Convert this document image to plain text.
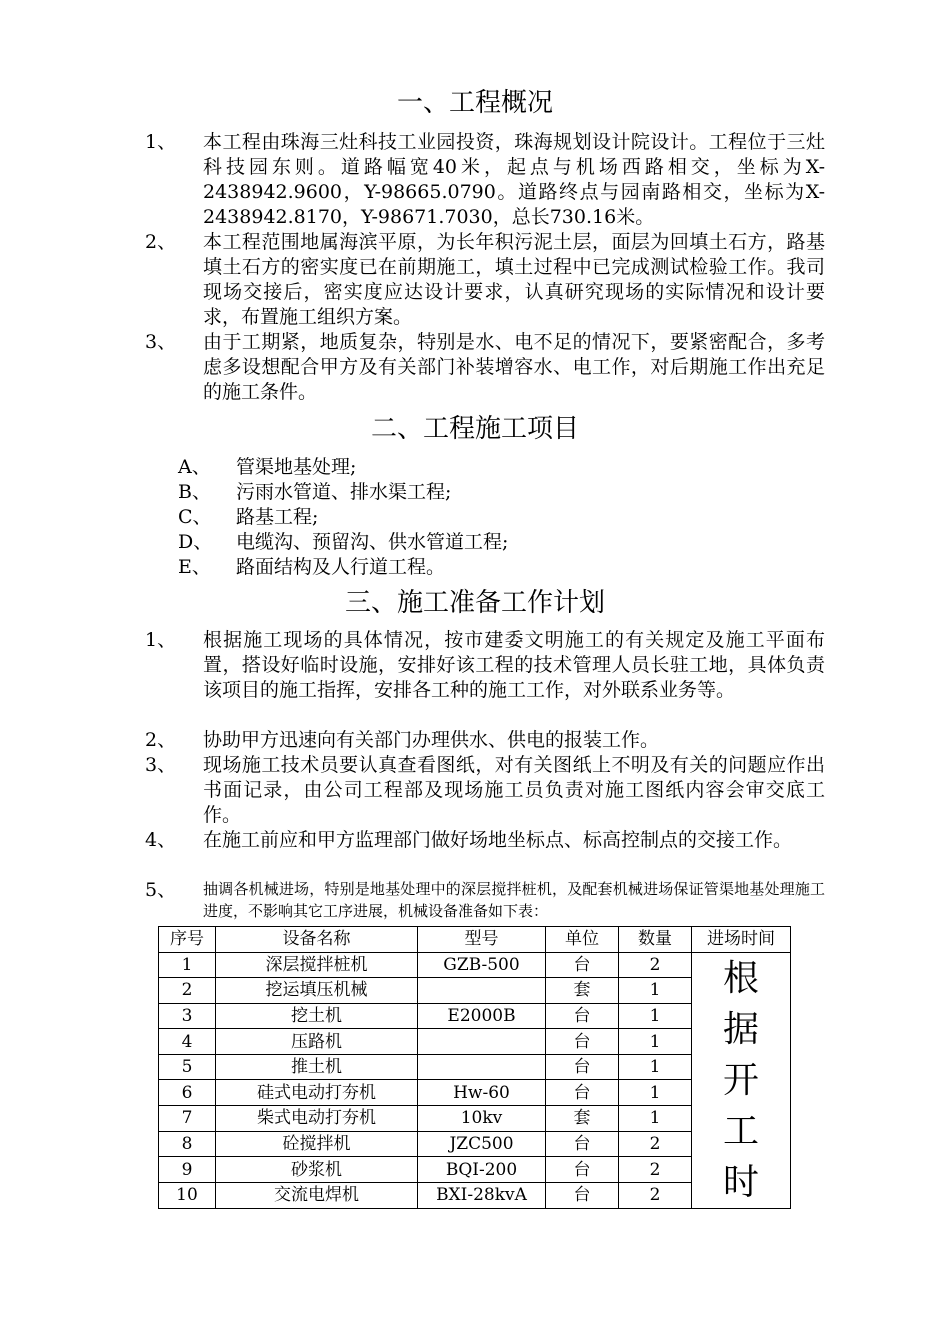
一、工程概况
1、	本工程由珠海三灶科技工业园投资，珠海规划设计院设计。工程位于三灶科技园东则。道路幅宽40米，起点与机场西路相交，坐标为X-2438942.9600，Y-98665.0790。道路终点与园南路相交，坐标为X-2438942.8170，Y-98671.7030，总长730.16米。
2、	本工程范围地属海滨平原，为长年积污泥土层，面层为回填土石方，路基填土石方的密实度已在前期施工，填土过程中已完成测试检验工作。我司现场交接后，密实度应达设计要求，认真研究现场的实际情况和设计要求，布置施工组织方案。
3、	由于工期紧，地质复杂，特别是水、电不足的情况下，要紧密配合，多考虑多设想配合甲方及有关部门补装增容水、电工作，对后期施工作出充足的施工条件。
二、工程施工项目
A、	管渠地基处理;
B、	污雨水管道、排水渠工程;
C、	路基工程;
D、	电缆沟、预留沟、供水管道工程;
E、	路面结构及人行道工程。
三、施工准备工作计划
1、	根据施工现场的具体情况，按市建委文明施工的有关规定及施工平面布置，搭设好临时设施，安排好该工程的技术管理人员长驻工地，具体负责该项目的施工指挥，安排各工种的施工工作，对外联系业务等。
2、	协助甲方迅速向有关部门办理供水、供电的报装工作。
3、	现场施工技术员要认真查看图纸，对有关图纸上不明及有关的问题应作出书面记录，由公司工程部及现场施工员负责对施工图纸内容会审交底工作。
4、	在施工前应和甲方监理部门做好场地坐标点、标高控制点的交接工作。
5、	抽调各机械进场，特别是地基处理中的深层搅拌桩机，及配套机械进场保证管渠地基处理施工进度，不影响其它工序进展，机械设备准备如下表：
序号	设备名称	型号	单位	数量	进场时间
1	深层搅拌桩机	GZB-500	台	2	根
据
开
工
时

2	挖运填压机械		套	1	
3	挖土机	E2000B	台	1	
4	压路机		台	1	
5	推土机		台	1	
6	硅式电动打夯机	Hw-60	台	1	
7	柴式电动打夯机	10kv	套	1	
8	砼搅拌机	JZC500	台	2	
9	砂浆机	BQI-200	台	2	
10	交流电焊机	BXI-28kvA	台	2	
